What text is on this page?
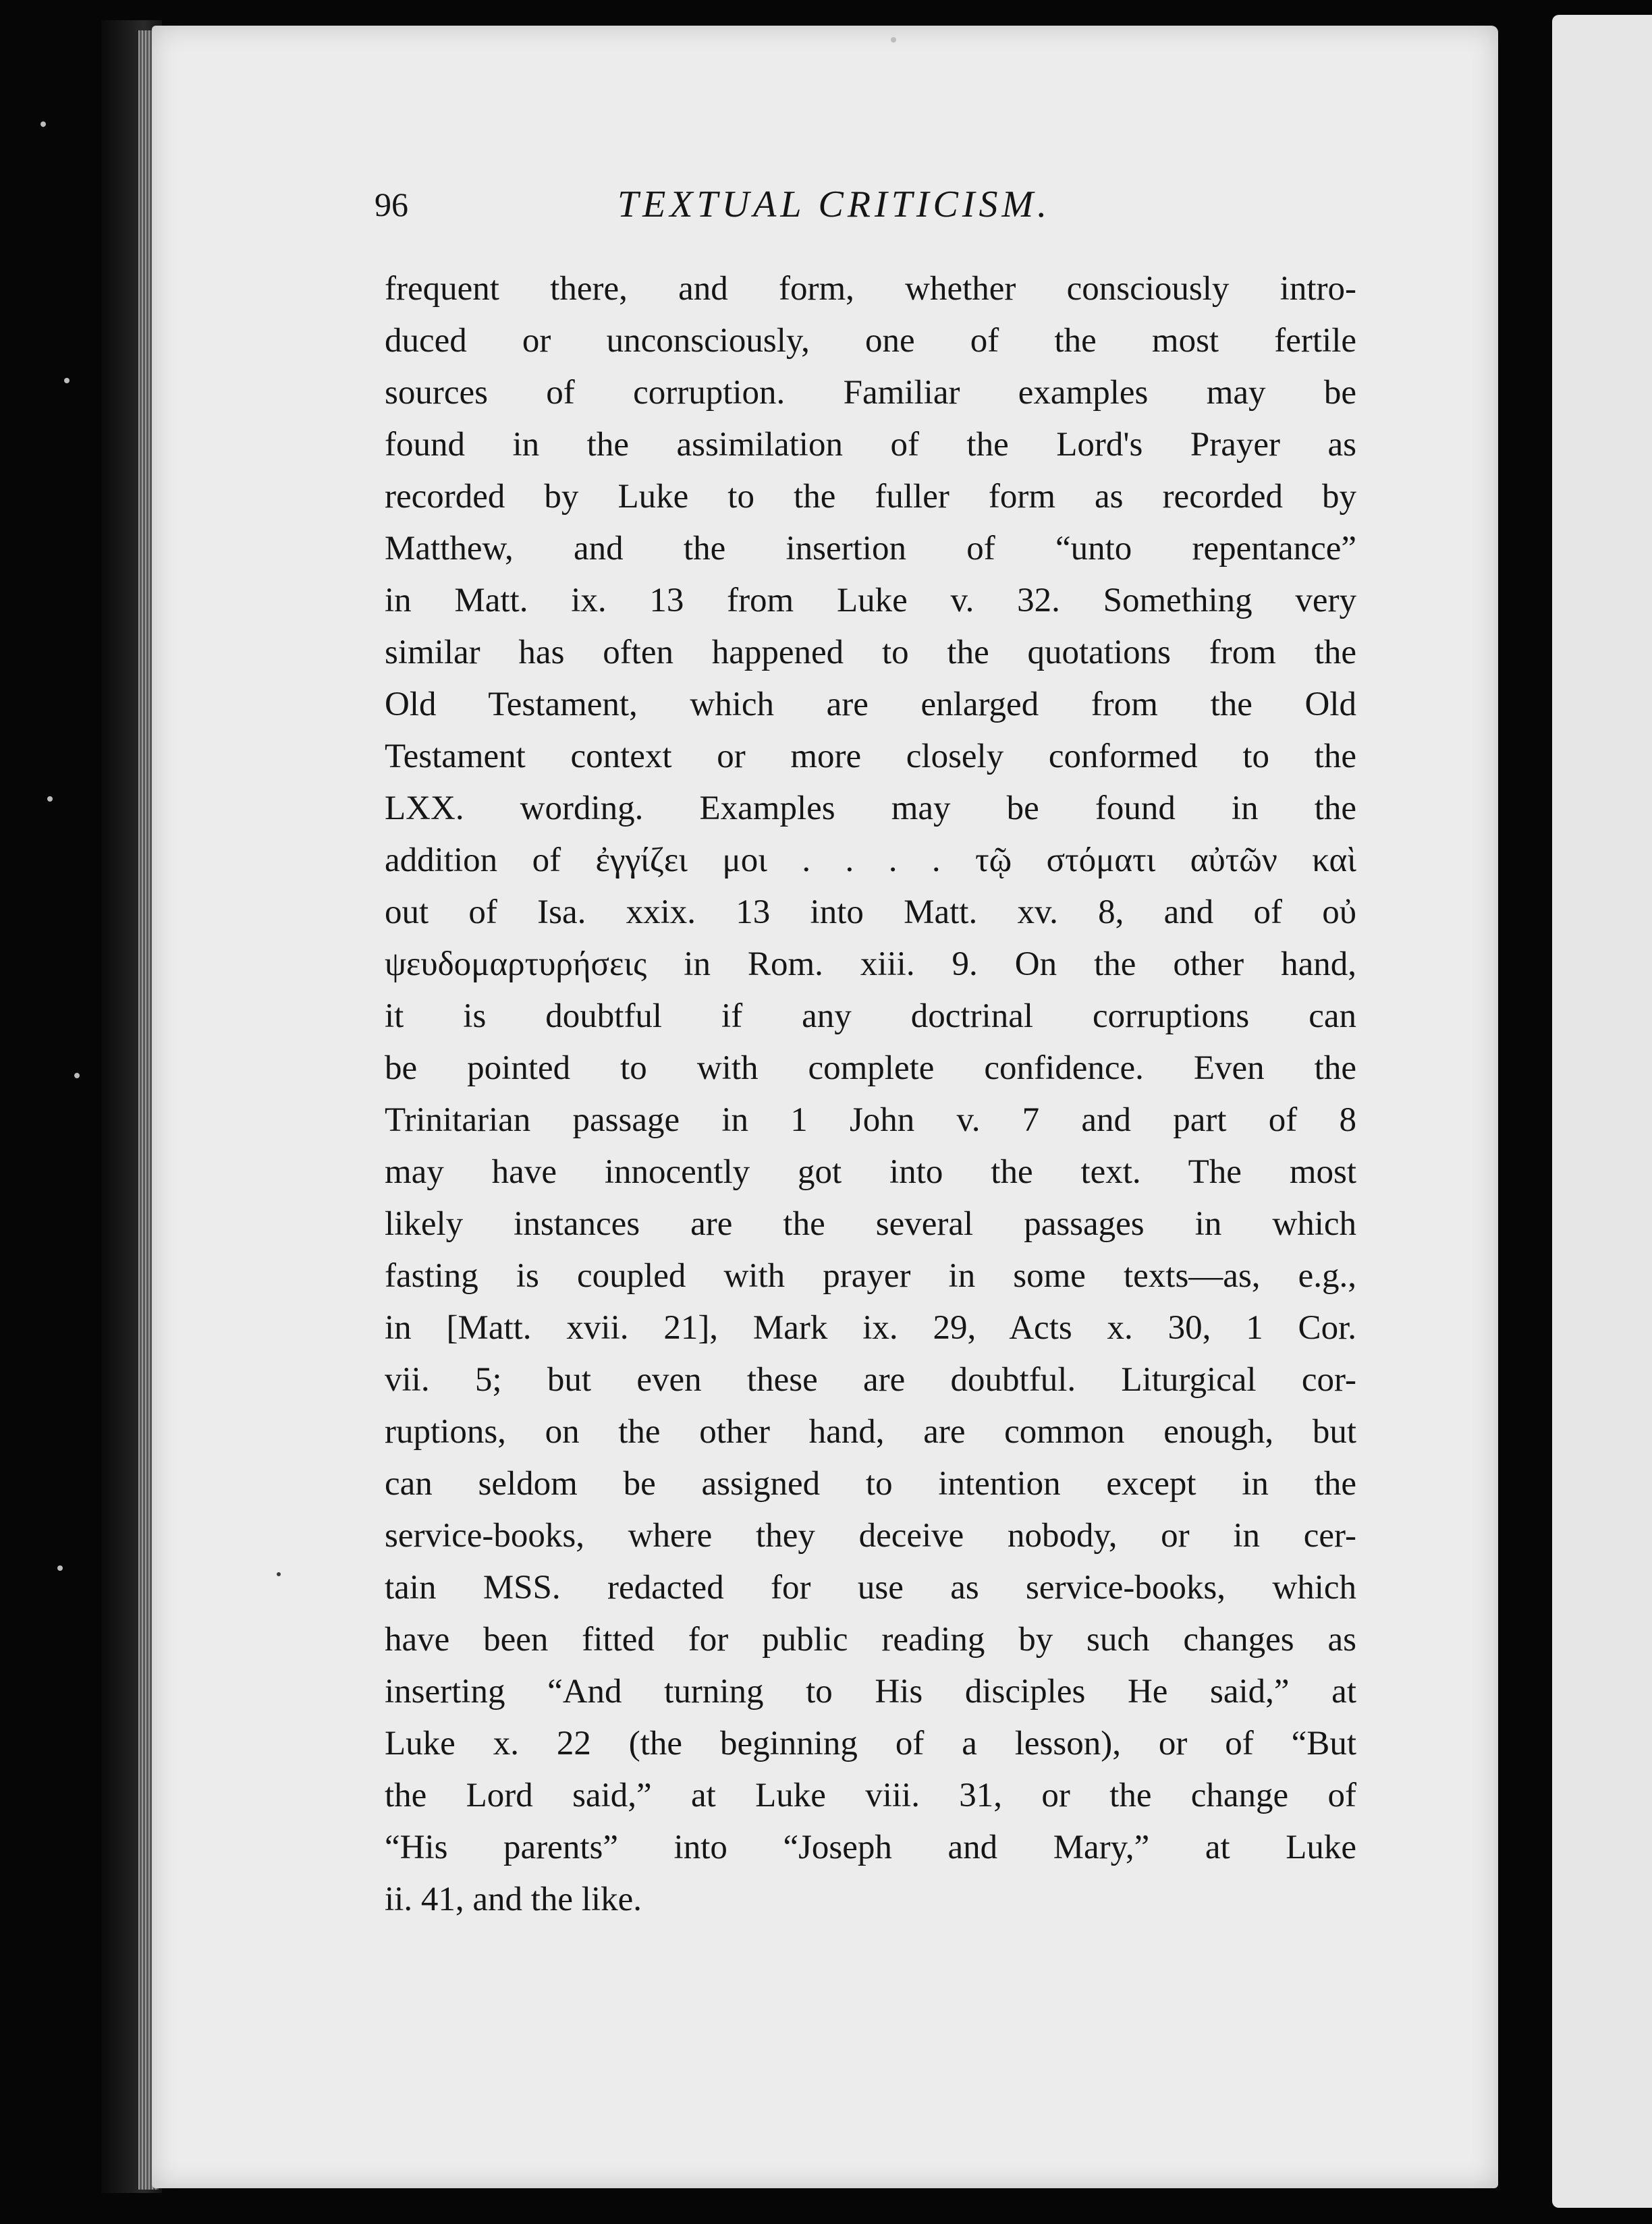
96	TEXTUAL CRITICISM.
frequent there, and form, whether consciously intro-
duced or unconsciously, one of the most fertile
sources of corruption. Familiar examples may be
found in the assimilation of the Lord's Prayer as
recorded by Luke to the fuller form as recorded by
Matthew, and the insertion of “unto repentance”
in Matt. ix. 13 from Luke v. 32. Something very
similar has often happened to the quotations from the
Old Testament, which are enlarged from the Old
Testament context or more closely conformed to the
LXX. wording. Examples may be found in the
addition of ἐγγίζει μοι . . . . τῷ στόματι αὐτῶν καὶ
out of Isa. xxix. 13 into Matt. xv. 8, and of οὐ
ψευδομαρτυρήσεις in Rom. xiii. 9. On the other hand,
it is doubtful if any doctrinal corruptions can
be pointed to with complete confidence. Even the
Trinitarian passage in 1 John v. 7 and part of 8
may have innocently got into the text. The most
likely instances are the several passages in which
fasting is coupled with prayer in some texts—as, e.g.,
in [Matt. xvii. 21], Mark ix. 29, Acts x. 30, 1 Cor.
vii. 5; but even these are doubtful. Liturgical cor-
ruptions, on the other hand, are common enough, but
can seldom be assigned to intention except in the
service-books, where they deceive nobody, or in cer-
tain MSS. redacted for use as service-books, which
have been fitted for public reading by such changes as
inserting “And turning to His disciples He said,” at
Luke x. 22 (the beginning of a lesson), or of “But
the Lord said,” at Luke viii. 31, or the change of
“His parents” into “Joseph and Mary,” at Luke
ii. 41, and the like.
